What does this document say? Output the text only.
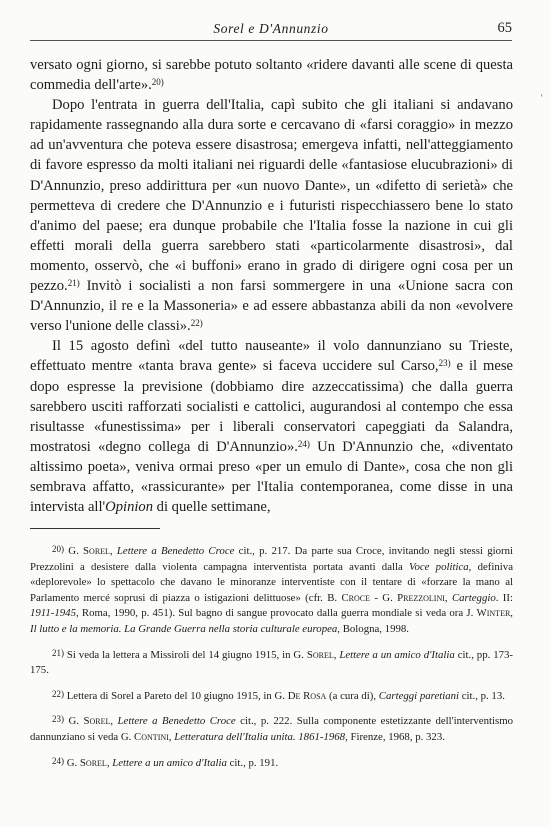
Sorel e D'Annunzio	65

versato ogni giorno, si sarebbe potuto soltanto «ridere davanti alle scene di questa commedia dell'arte».$^{20)}$

Dopo l'entrata in guerra dell'Italia, capì subito che gli italiani si andavano rapidamente rassegnando alla dura sorte e cercavano di «farsi coraggio» in mezzo ad un'avventura che poteva essere disastrosa; emergeva infatti, nell'atteggiamento di favore espresso da molti italiani nei riguardi delle «fantasiose elucubrazioni» di D'Annunzio, preso addirittura per «un nuovo Dante», un «difetto di serietà» che permetteva di credere che D'Annunzio e i futuristi rispecchiassero bene lo stato d'animo del paese; era dunque probabile che l'Italia fosse la nazione in cui gli effetti morali della guerra sarebbero stati «particolarmente disastrosi», dal momento, osservò, che «i buffoni» erano in grado di dirigere ogni cosa per un pezzo.$^{21)}$ Invitò i socialisti a non farsi sommergere in una «Unione sacra con D'Annunzio, il re e la Massoneria» e ad essere abbastanza abili da non «evolvere verso l'unione delle classi».$^{22)}$

Il 15 agosto definì «del tutto nauseante» il volo dannunziano su Trieste, effettuato mentre «tanta brava gente» si faceva uccidere sul Carso,$^{23)}$ e il mese dopo espresse la previsione (dobbiamo dire azzeccatissima) che dalla guerra sarebbero usciti rafforzati socialisti e cattolici, augurandosi al contempo che essa risultasse «funestissima» per i liberali conservatori capeggiati da Salandra, mostratosi «degno collega di D'Annunzio».$^{24)}$ Un D'Annunzio che, «diventato altissimo poeta», veniva ormai preso «per un emulo di Dante», cosa che non gli sembrava affatto, «rassicurante» per l'Italia contemporanea, come disse in una intervista all'Opinion di quelle settimane,

‘

20) G. Sorel, Lettere a Benedetto Croce cit., p. 217. Da parte sua Croce, invitando negli stessi giorni Prezzolini a desistere dalla violenta campagna interventista portata avanti dalla Voce politica, definiva «deplorevole» lo spettacolo che davano le minoranze interventiste con il tentare di «forzare la mano al Parlamento mercé soprusi di piazza o istigazioni delittuose» (cfr. B. Croce - G. Prezzolini, Carteggio. II: 1911-1945, Roma, 1990, p. 451). Sul bagno di sangue provocato dalla guerra mondiale si veda ora J. Winter, Il lutto e la memoria. La Grande Guerra nella storia culturale europea, Bologna, 1998.

21) Si veda la lettera a Missiroli del 14 giugno 1915, in G. Sorel, Lettere a un amico d'Italia cit., pp. 173-175.

22) Lettera di Sorel a Pareto del 10 giugno 1915, in G. De Rosa (a cura di), Carteggi paretiani cit., p. 13.

23) G. Sorel, Lettere a Benedetto Croce cit., p. 222. Sulla componente estetizzante dell'interventismo dannunziano si veda G. Contini, Letteratura dell'Italia unita. 1861-1968, Firenze, 1968, p. 323.

24) G. Sorel, Lettere a un amico d'Italia cit., p. 191.
